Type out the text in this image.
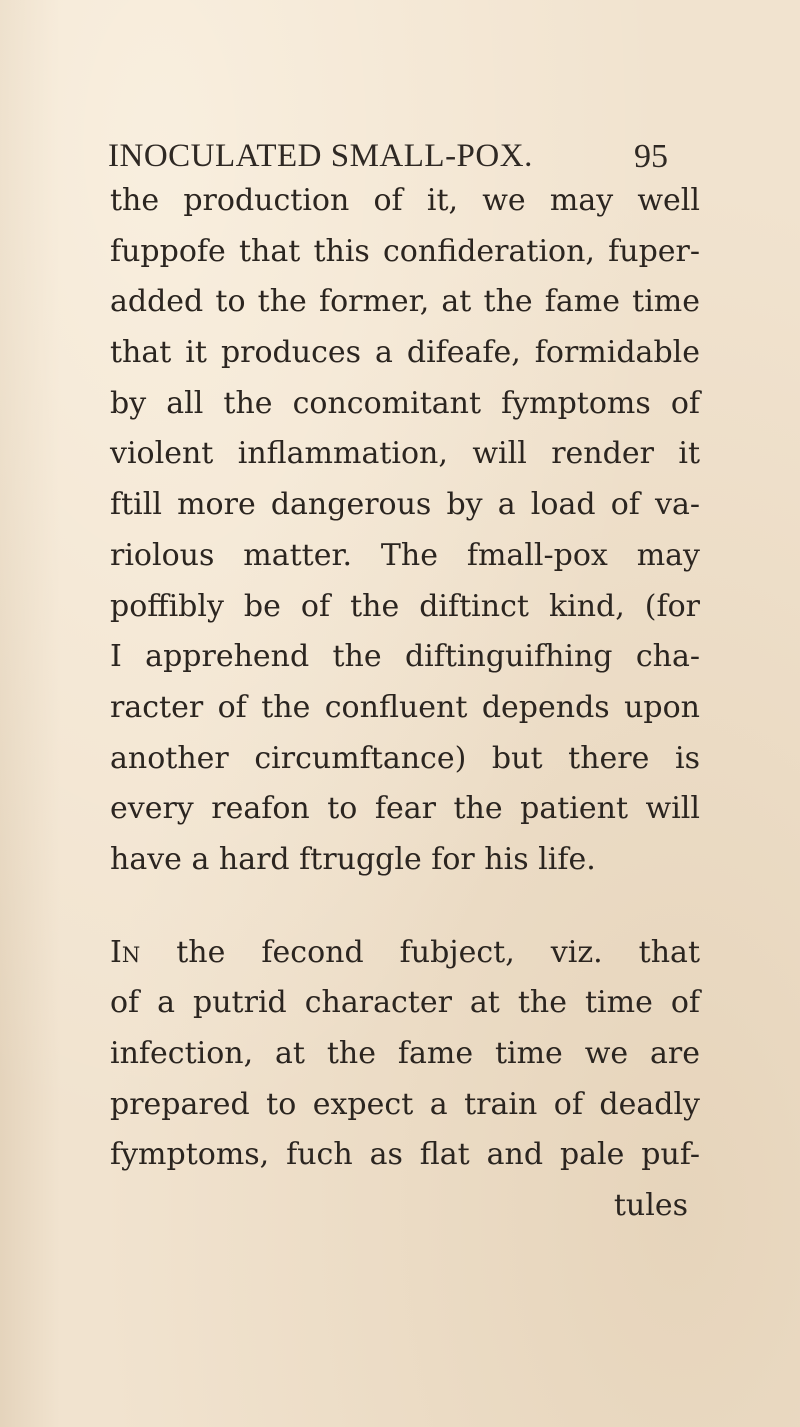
INOCULATED SMALL-POX.	95
the production of it, we may well
fuppofe that this confideration, fuper-
added to the former, at the fame time
that it produces a difeafe, formidable
by all the concomitant fymptoms of
violent inflammation, will render it
ftill more dangerous by a load of va-
riolous matter. The fmall-pox may
poffibly be of the diftinct kind, (for
I apprehend the diftinguifhing cha-
racter of the confluent depends upon
another circumftance) but there is
every reafon to fear the patient will
have a hard ftruggle for his life.
In the fecond fubject, viz. that
of a putrid character at the time of
infection, at the fame time we are
prepared to expect a train of deadly
fymptoms, fuch as flat and pale puf-
tules
